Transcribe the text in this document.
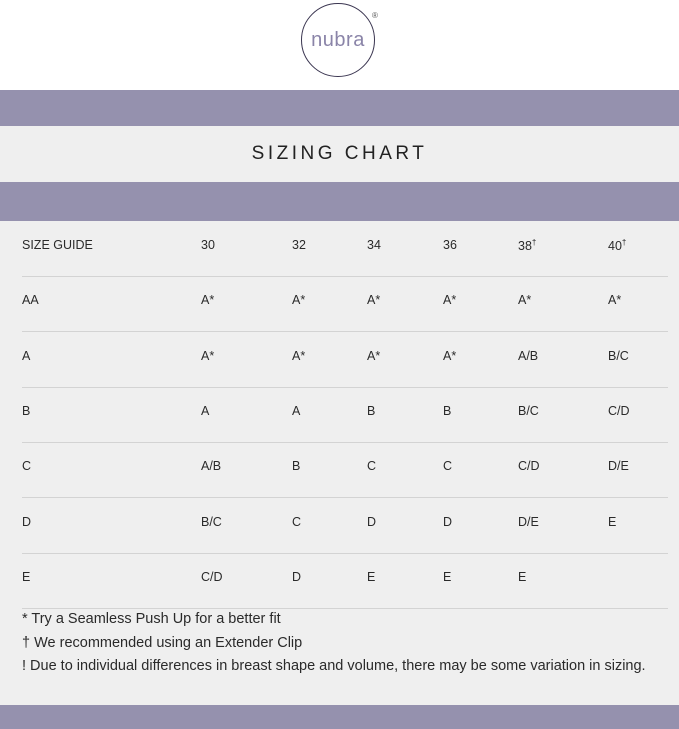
nubra
®
SIZING CHART
SIZE GUIDE	30	32	34	36	38†	40†
AA	A*	A*	A*	A*	A*	A*
A	A*	A*	A*	A*	A/B	B/C
B	A	A	B	B	B/C	C/D
C	A/B	B	C	C	C/D	D/E
D	B/C	C	D	D	D/E	E
E	C/D	D	E	E	E
* Try a Seamless Push Up for a better fit
† We recommended using an Extender Clip
! Due to individual differences in breast shape and volume, there may be some variation in sizing.
